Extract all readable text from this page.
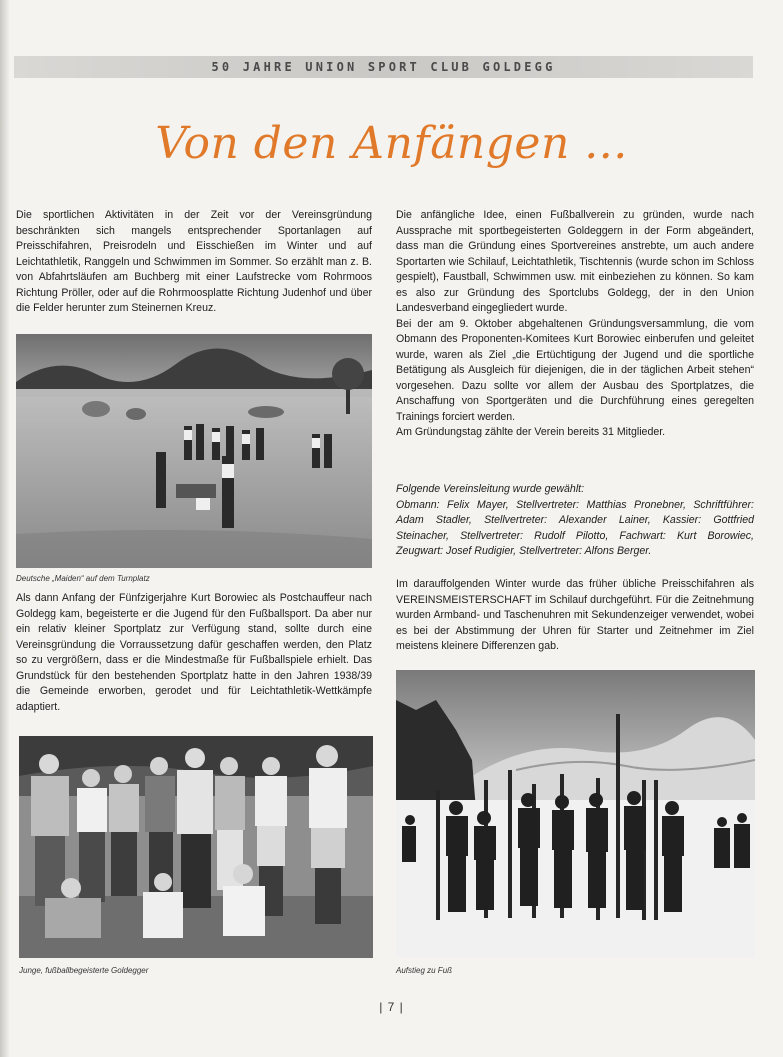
50 JAHRE UNION SPORT CLUB GOLDEGG
Von den Anfängen ...

Die sportlichen Aktivitäten in der Zeit vor der Vereinsgründung beschränkten sich mangels entsprechender Sportanlagen auf Preisschifahren, Preisrodeln und Eisschießen im Winter und auf Leichtathletik, Ranggeln und Schwimmen im Sommer. So erzählt man z. B. von Abfahrtsläufen am Buchberg mit einer Laufstrecke vom Rohrmoos Richtung Pröller, oder auf die Rohrmoosplatte Richtung Judenhof und über die Felder herunter zum Steinernen Kreuz.

Deutsche „Maiden“ auf dem Turnplatz

Als dann Anfang der Fünfzigerjahre Kurt Borowiec als Postchauffeur nach Goldegg kam, begeisterte er die Jugend für den Fußballsport. Da aber nur ein relativ kleiner Sportplatz zur Verfügung stand, sollte durch eine Vereinsgründung die Vorraussetzung dafür geschaffen werden, den Platz so zu vergrößern, dass er die Mindestmaße für Fußballspiele erhielt. Das Grundstück für den bestehenden Sportplatz hatte in den Jahren 1938/39 die Gemeinde erworben, gerodet und für Leichtathletik-Wettkämpfe adaptiert.

Junge, fußballbegeisterte Goldegger

Die anfängliche Idee, einen Fußballverein zu gründen, wurde nach Aussprache mit sportbegeisterten Goldeggern in der Form abgeändert, dass man die Gründung eines Sportvereines anstrebte, um auch andere Sportarten wie Schilauf, Leichtathletik, Tischtennis (wurde schon im Schloss gespielt), Faustball, Schwimmen usw. mit einbeziehen zu können. So kam es also zur Gründung des Sportclubs Goldegg, der in den Union Landesverband eingegliedert wurde.

Bei der am 9. Oktober abgehaltenen Gründungsversammlung, die vom Obmann des Proponenten-Komitees Kurt Borowiec einberufen und geleitet wurde, waren als Ziel „die Ertüchtigung der Jugend und die sportliche Betätigung als Ausgleich für diejenigen, die in der täglichen Arbeit stehen“ vorgesehen. Dazu sollte vor allem der Ausbau des Sportplatzes, die Anschaffung von Sportgeräten und die Durchführung eines geregelten Trainings forciert werden.

Am Gründungstag zählte der Verein bereits 31 Mitglieder.

Folgende Vereinsleitung wurde gewählt:

Obmann: Felix Mayer, Stellvertreter: Matthias Pronebner, Schriftführer: Adam Stadler, Stellvertreter: Alexander Lainer, Kassier: Gottfried Steinacher, Stellvertreter: Rudolf Pilotto, Fachwart: Kurt Borowiec, Zeugwart: Josef Rudigier, Stellvertreter: Alfons Berger.

Im darauffolgenden Winter wurde das früher übliche Preisschifahren als VEREINSMEISTERSCHAFT im Schilauf durchgeführt. Für die Zeitnehmung wurden Armband- und Taschenuhren mit Sekundenzeiger verwendet, wobei es bei der Abstimmung der Uhren für Starter und Zeitnehmer im Ziel meistens kleinere Differenzen gab.

Aufstieg zu Fuß
| 7 |
